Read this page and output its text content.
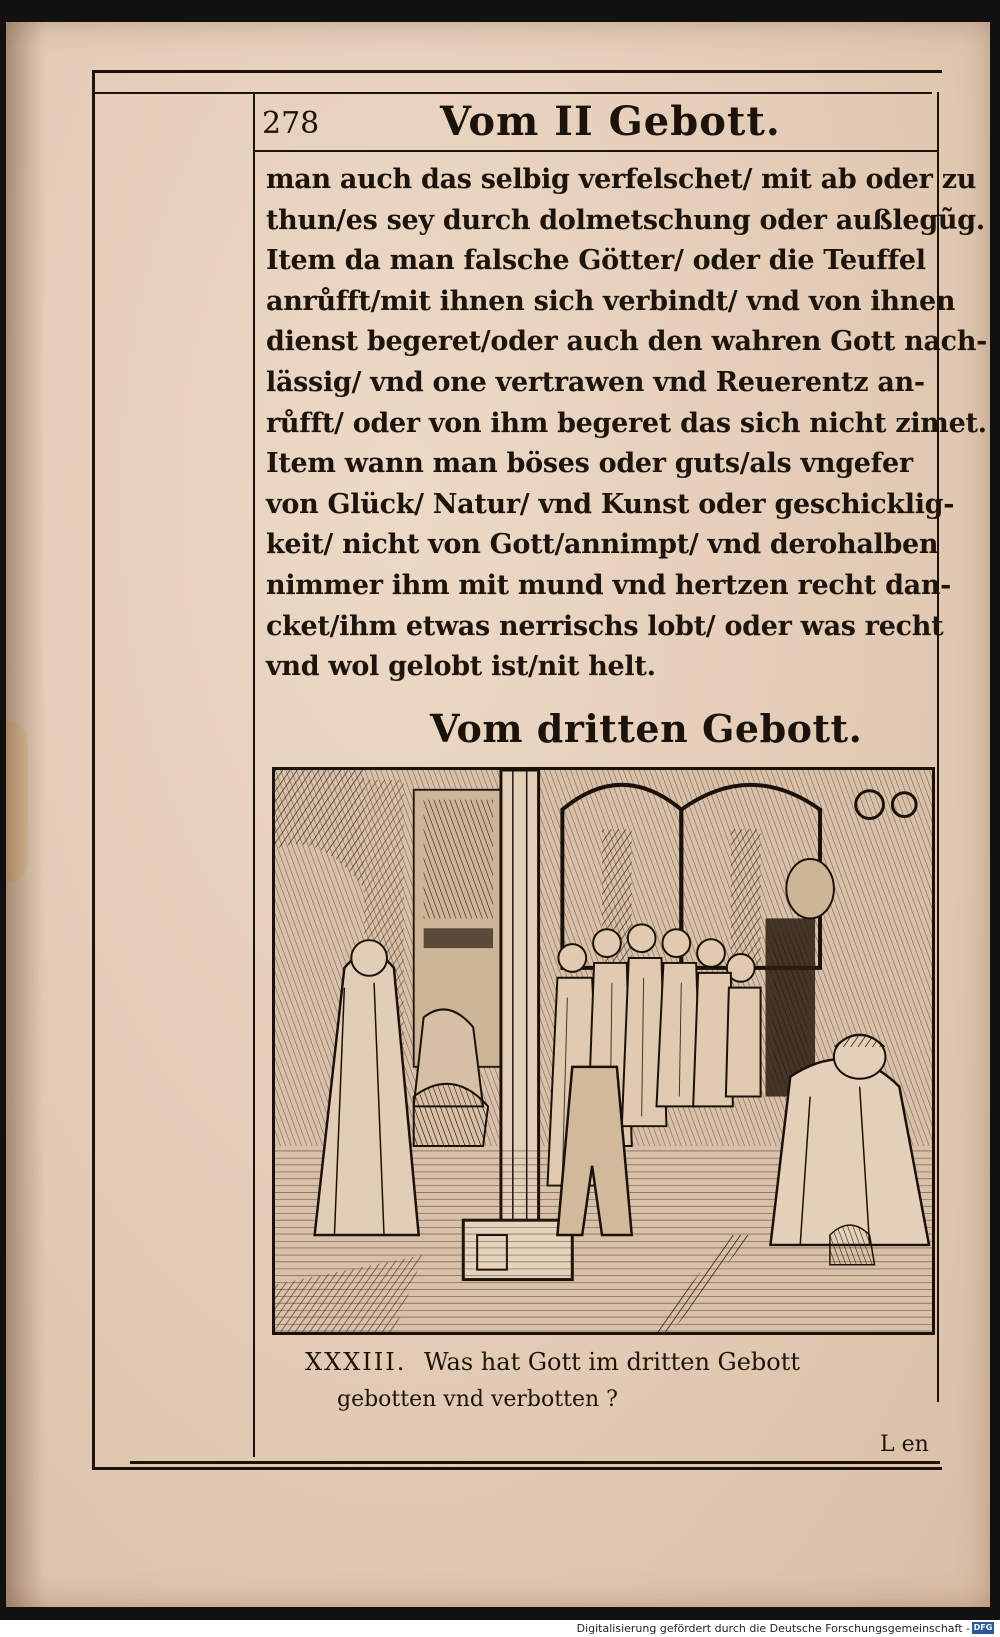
278	Vom II Gebott.
man auch das selbig verfelschet/ mit ab oder zu
thun/es sey durch dolmetschung oder außlegũg.
Item da man falsche Götter/ oder die Teuffel
anrůfft/mit ihnen sich verbindt/ vnd von ihnen
dienst begeret/oder auch den wahren Gott nach-
lässig/ vnd one vertrawen vnd Reuerentz an-
růfft/ oder von ihm begeret das sich nicht zimet.
Item wann man böses oder guts/als vngefer
von Glück/ Natur/ vnd Kunst oder geschicklig-
keit/ nicht von Gott/annimpt/ vnd derohalben
nimmer ihm mit mund vnd hertzen recht dan-
cket/ihm etwas nerrischs lobt/ oder was recht
vnd wol gelobt ist/nit helt.
Vom dritten Gebott.
XXXIII. Was hat Gott im dritten Gebott
gebotten vnd verbotten ?
L en
Digitalisierung gefördert durch die Deutsche Forschungsgemeinschaft - DFG
